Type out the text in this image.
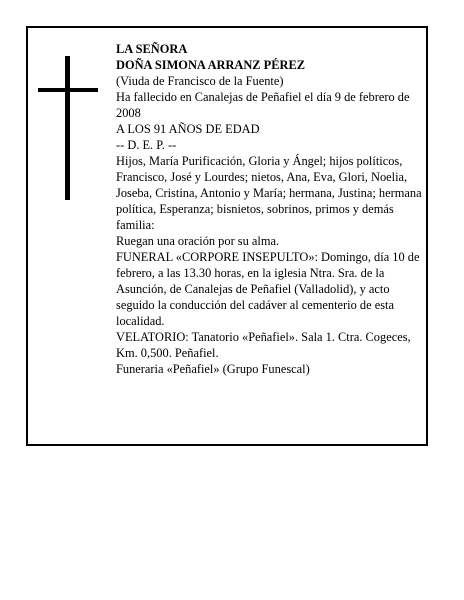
LA SEÑORA

DOÑA SIMONA ARRANZ PÉREZ

(Viuda de Francisco de la Fuente)

Ha fallecido en Canalejas de Peñafiel el día 9 de febrero de 2008

A LOS 91 AÑOS DE EDAD

-- D. E. P. --

Hijos, María Purificación, Gloria y Ángel; hijos políticos, Francisco, José y Lourdes; nietos, Ana, Eva, Glori, Noelia, Joseba, Cristina, Antonio y María; hermana, Justina; hermana política, Esperanza; bisnietos, sobrinos, primos y demás familia:

Ruegan una oración por su alma.

FUNERAL «CORPORE INSEPULTO»: Domingo, día 10 de febrero, a las 13.30 horas, en la iglesia Ntra. Sra. de la Asunción, de Canalejas de Peñafiel (Valladolid), y acto seguido la conducción del cadáver al cementerio de esta localidad.

VELATORIO: Tanatorio «Peñafiel». Sala 1. Ctra. Cogeces, Km. 0,500. Peñafiel.

Funeraria «Peñafiel» (Grupo Funescal)
